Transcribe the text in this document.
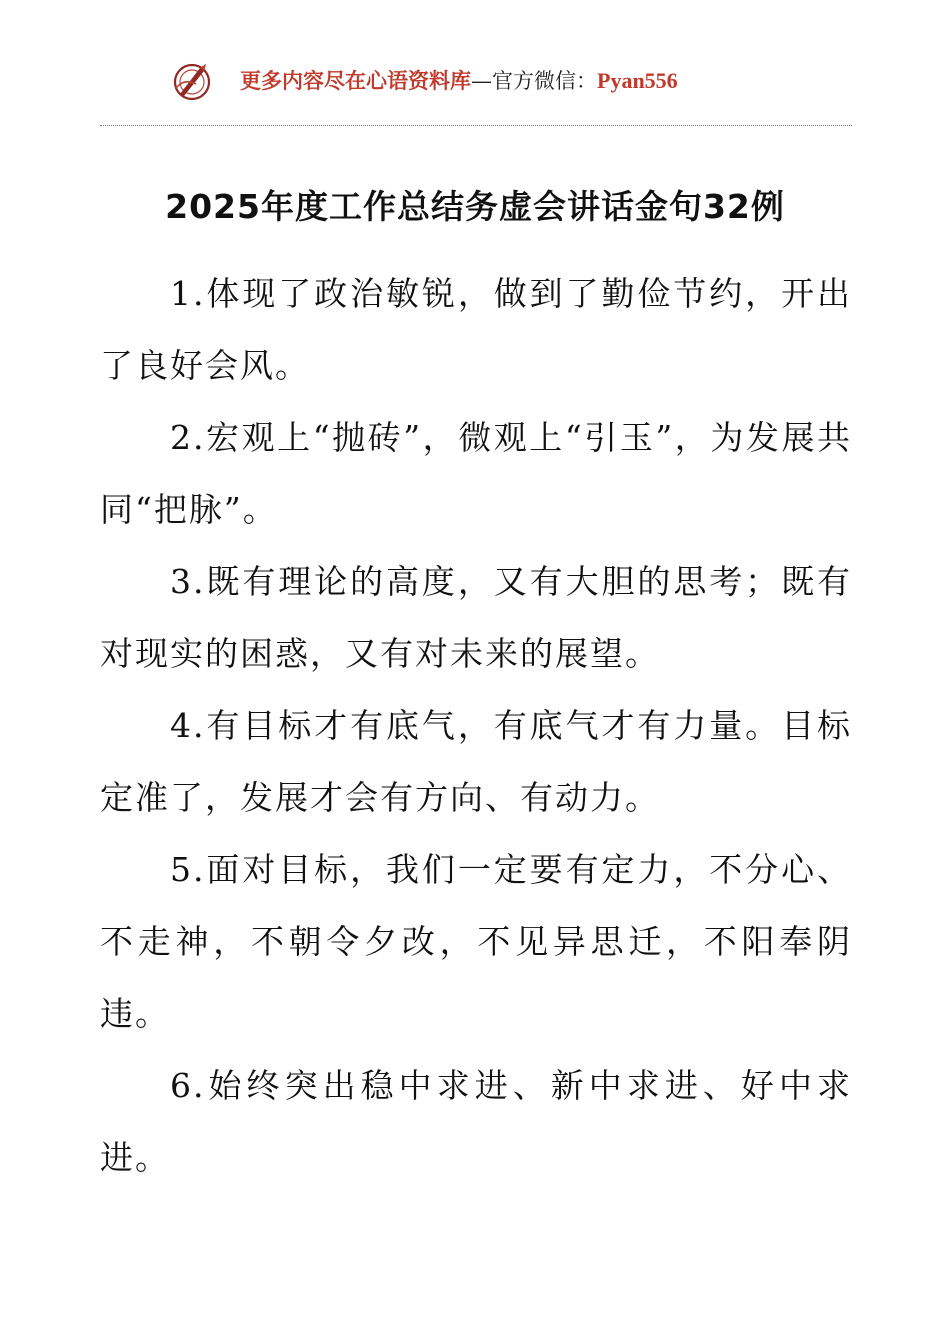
更多内容尽在心语资料库—官方微信：Pyan556
2025年度工作总结务虚会讲话金句32例

1.体现了政治敏锐，做到了勤俭节约，开出了良好会风。

2.宏观上“抛砖”，微观上“引玉”，为发展共同“把脉”。

3.既有理论的高度，又有大胆的思考；既有对现实的困惑，又有对未来的展望。

4.有目标才有底气，有底气才有力量。目标定准了，发展才会有方向、有动力。

5.面对目标，我们一定要有定力，不分心、不走神，不朝令夕改，不见异思迁，不阳奉阴违。

6.始终突出稳中求进、新中求进、好中求进。
